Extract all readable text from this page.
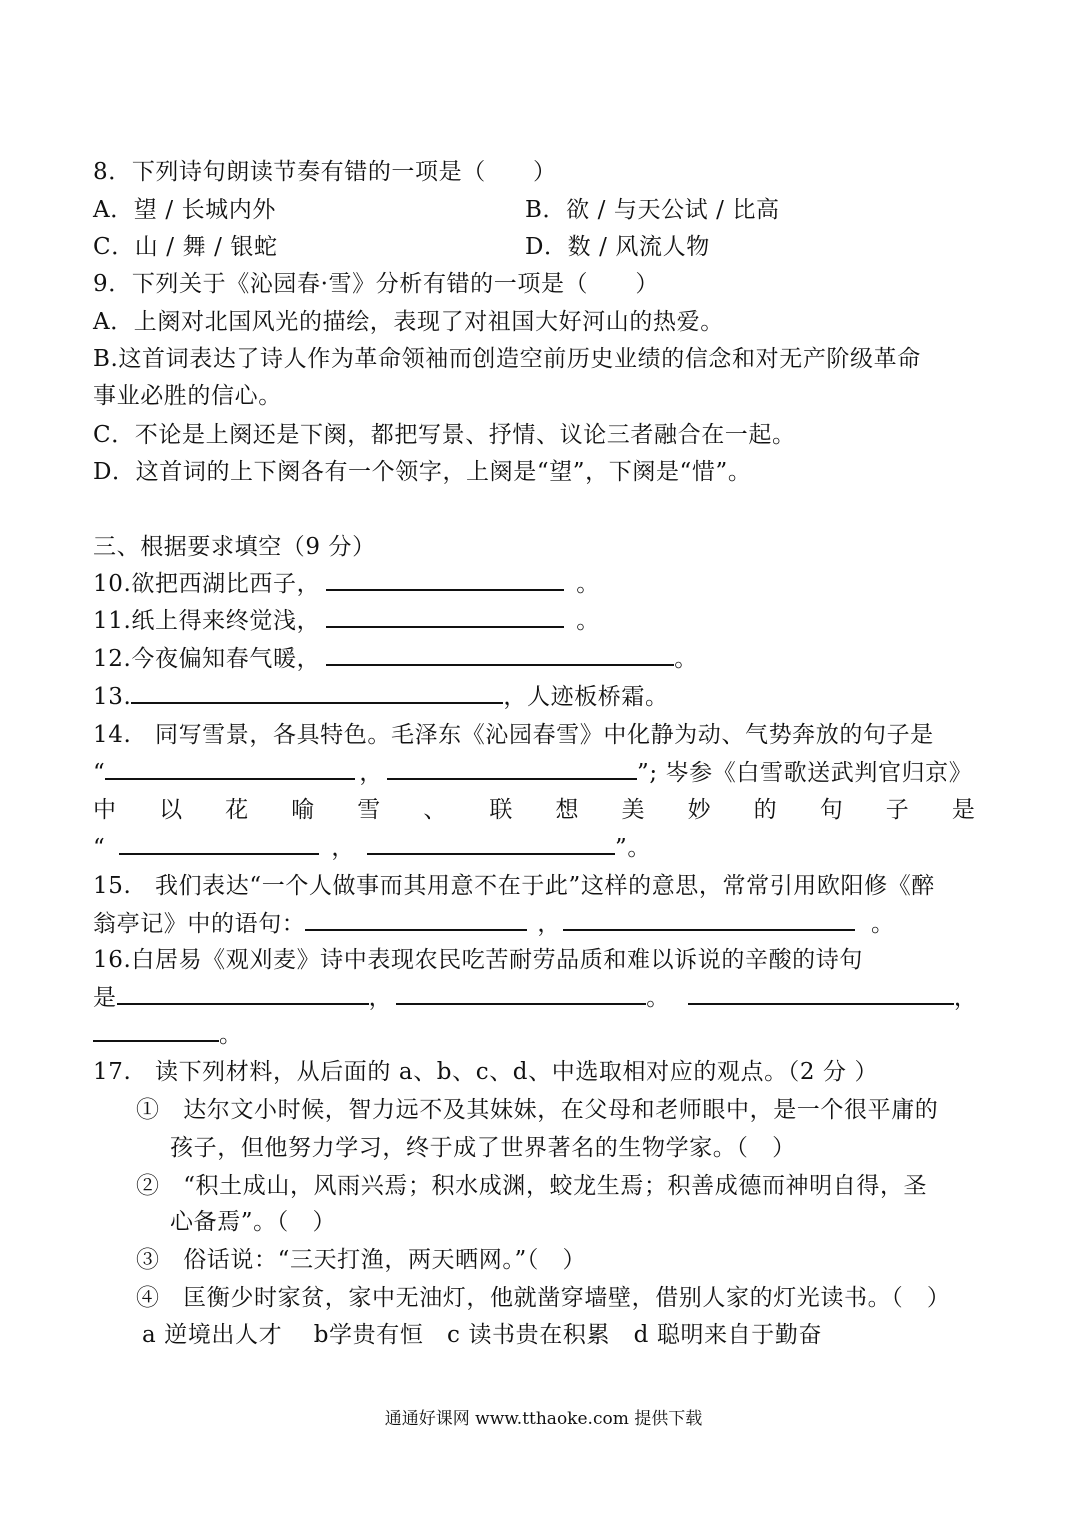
8．下列诗句朗读节奏有错的一项是（　　）
A．望 / 长城内外	B．欲 / 与天公试 / 比高
C．山 / 舞 / 银蛇	D．数 / 风流人物
9．下列关于《沁园春·雪》分析有错的一项是（　　）
A．上阕对北国风光的描绘，表现了对祖国大好河山的热爱。
B.这首词表达了诗人作为革命领袖而创造空前历史业绩的信念和对无产阶级革命
事业必胜的信心。
C．不论是上阕还是下阕，都把写景、抒情、议论三者融合在一起。
D．这首词的上下阕各有一个领字，上阕是“望”，下阕是“惜”。
三、根据要求填空（9 分）
10.欲把西湖比西子，	。
11.纸上得来终觉浅，	。
12.今夜偏知春气暖，	。
13.	，人迹板桥霜。
14.　同写雪景，各具特色。毛泽东《沁园春雪》中化静为动、气势奔放的句子是
“	，	”; 岑参《白雪歌送武判官归京》
中 以 花 喻 雪 、 联 想 美 妙 的 句 子 是
“	，	”。
15.　我们表达“一个人做事而其用意不在于此”这样的意思，常常引用欧阳修《醉
翁亭记》中的语句：	，	。
16.白居易《观刈麦》诗中表现农民吃苦耐劳品质和难以诉说的辛酸的诗句
是	，	。	，
。
17.　读下列材料，从后面的 a、b、c、d、中选取相对应的观点。（2 分 ）
①　达尔文小时候，智力远不及其妹妹，在父母和老师眼中，是一个很平庸的
孩子，但他努力学习，终于成了世界著名的生物学家。（　）
②　“积土成山，风雨兴焉；积水成渊，蛟龙生焉；积善成德而神明自得，圣
心备焉”。（　）
③　俗话说：“三天打渔，两天晒网。”（　）
④　匡衡少时家贫，家中无油灯，他就凿穿墙壁，借别人家的灯光读书。（　）
a 逆境出人才　 b学贵有恒　c 读书贵在积累　d 聪明来自于勤奋
通通好课网 www.tthaoke.com 提供下载
